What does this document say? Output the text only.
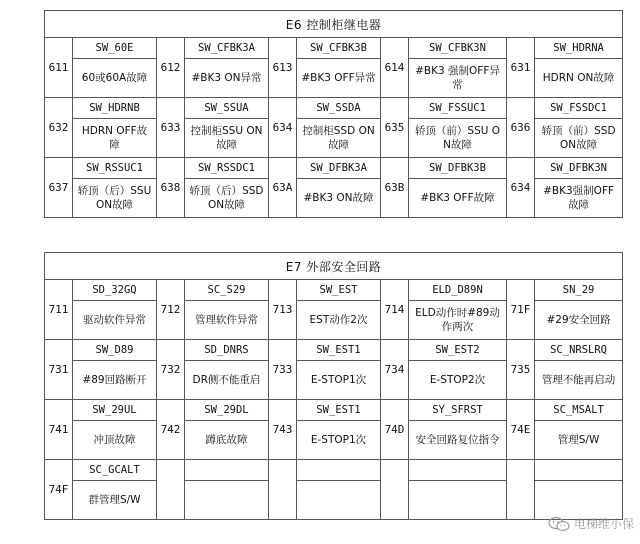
E6 控制柜继电器									
611	SW_60E	612	SW_CFBK3A	613	SW_CFBK3B	614	SW_CFBK3N	631	SW_HDRNA

	60或60A故障		#BK3 ON异常		#BK3 OFF异常		#BK3 强制OFF异常		HDRN ON故障

632	SW_HDRNB	633	SW_SSUA	634	SW_SSDA	635	SW_FSSUC1	636	SW_FSSDC1

	HDRN OFF故障		控制柜SSU ON故障		控制柜SSD ON故障		轿顶（前）SSU ON故障		轿顶（前）SSD ON故障

637	SW_RSSUC1	638	SW_RSSDC1	63A	SW_DFBK3A	63B	SW_DFBK3B	634	SW_DFBK3N

	轿顶（后）SSU ON故障		轿顶（后）SSD ON故障		#BK3 ON故障		#BK3 OFF故障		#BK3强制OFF故障
E7 外部安全回路									
711	SD_32GQ	712	SC_S29	713	SW_EST	714	ELD_D89N	71F	SN_29

	驱动软件异常		管理软件异常		EST动作2次		ELD动作时#89动作两次		#29安全回路

731	SW_D89	732	SD_DNRS	733	SW_EST1	734	SW_EST2	735	SC_NRSLRQ

	#89回路断开		DR侧不能重启		E-STOP1次		E-STOP2次		管理不能再启动

741	SW_29UL	742	SW_29DL	743	SW_EST1	74D	SY_SFRST	74E	SC_MSALT

	冲顶故障		蹲底故障		E-STOP1次		安全回路复位指令		管理S/W

74F	SC_GCALT								

	群管理S/W								

电梯维小保
